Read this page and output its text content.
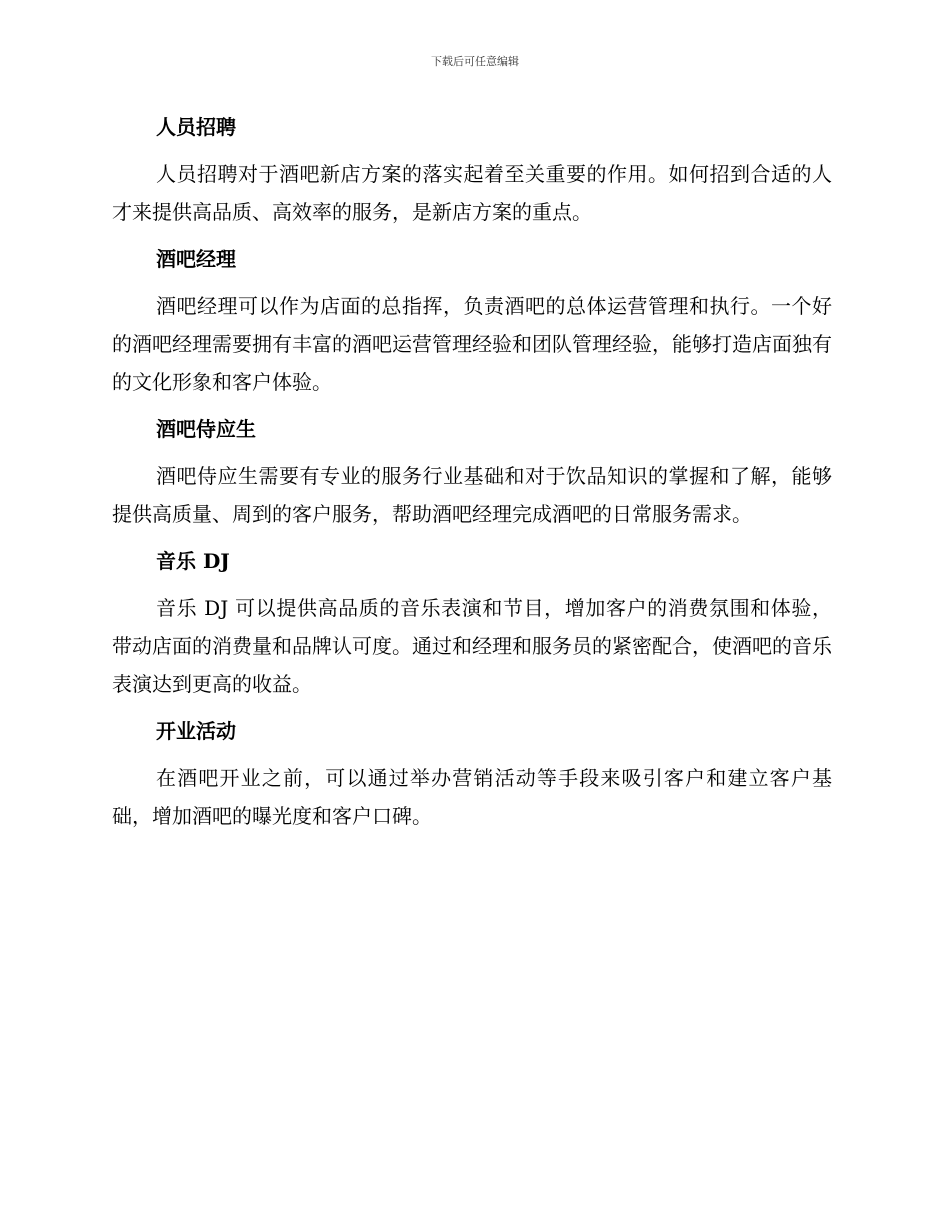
下载后可任意编辑
人员招聘
人员招聘对于酒吧新店方案的落实起着至关重要的作用。如何招到合适的人才来提供高品质、高效率的服务，是新店方案的重点。
酒吧经理
酒吧经理可以作为店面的总指挥，负责酒吧的总体运营管理和执行。一个好的酒吧经理需要拥有丰富的酒吧运营管理经验和团队管理经验，能够打造店面独有的文化形象和客户体验。
酒吧侍应生
酒吧侍应生需要有专业的服务行业基础和对于饮品知识的掌握和了解，能够提供高质量、周到的客户服务，帮助酒吧经理完成酒吧的日常服务需求。
音乐 DJ
音乐 DJ 可以提供高品质的音乐表演和节目，增加客户的消费氛围和体验，带动店面的消费量和品牌认可度。通过和经理和服务员的紧密配合，使酒吧的音乐表演达到更高的收益。
开业活动
在酒吧开业之前，可以通过举办营销活动等手段来吸引客户和建立客户基础，增加酒吧的曝光度和客户口碑。
